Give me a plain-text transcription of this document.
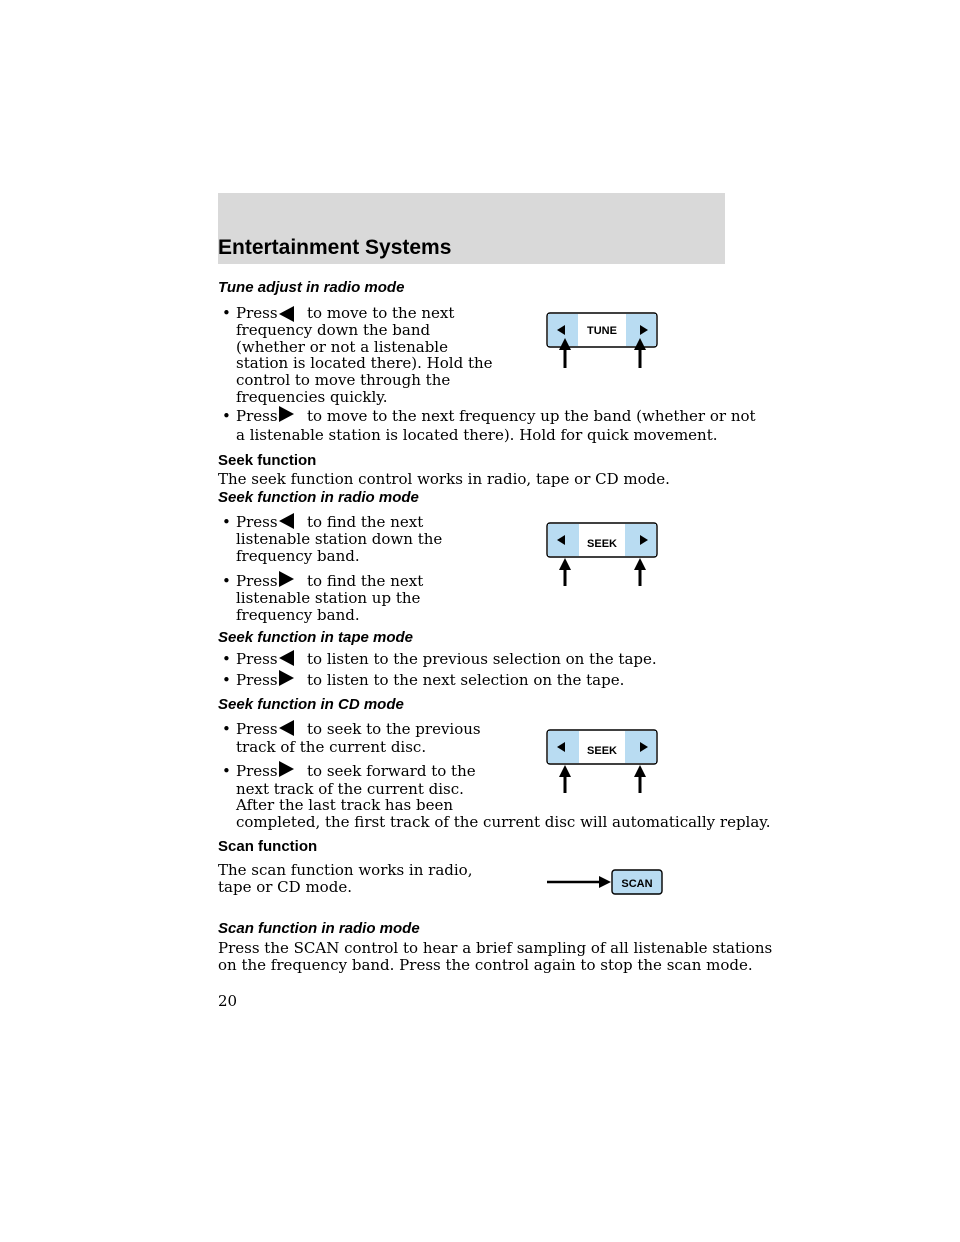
Entertainment Systems
Tune adjust in radio mode
• Press to move to the next
frequency down the band
(whether or not a listenable
station is located there). Hold the
control to move through the
frequencies quickly.
• Press to move to the next frequency up the band (whether or not
a listenable station is located there). Hold for quick movement.
TUNE
Seek function
The seek function control works in radio, tape or CD mode.
Seek function in radio mode
• Press to find the next
listenable station down the
frequency band.
• Press to find the next
listenable station up the
frequency band.
SEEK
Seek function in tape mode
• Press to listen to the previous selection on the tape.
• Press to listen to the next selection on the tape.
Seek function in CD mode
• Press to seek to the previous
track of the current disc.
• Press to seek forward to the
next track of the current disc.
After the last track has been
completed, the first track of the current disc will automatically replay.
SEEK
Scan function
The scan function works in radio,
tape or CD mode.	SCAN
Scan function in radio mode
Press the SCAN control to hear a brief sampling of all listenable stations
on the frequency band. Press the control again to stop the scan mode.
20
